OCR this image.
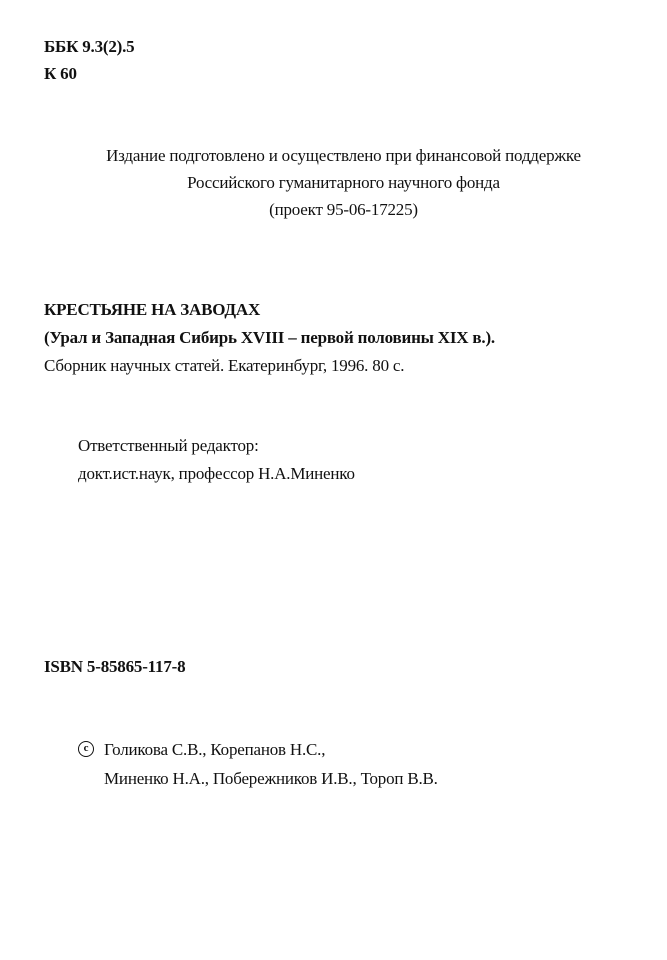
ББК 9.3(2).5
К 60
Издание подготовлено и осуществлено при финансовой поддержке
Российского гуманитарного научного фонда
(проект 95-06-17225)
КРЕСТЬЯНЕ НА ЗАВОДАХ
(Урал и Западная Сибирь XVIII – первой половины XIX в.).
Сборник научных статей. Екатеринбург, 1996. 80 с.
Ответственный редактор:
докт.ист.наук, профессор Н.А.Миненко
ISBN 5-85865-117-8
c Голикова С.В., Корепанов Н.С.,
Миненко Н.А., Побережников И.В., Тороп В.В.
